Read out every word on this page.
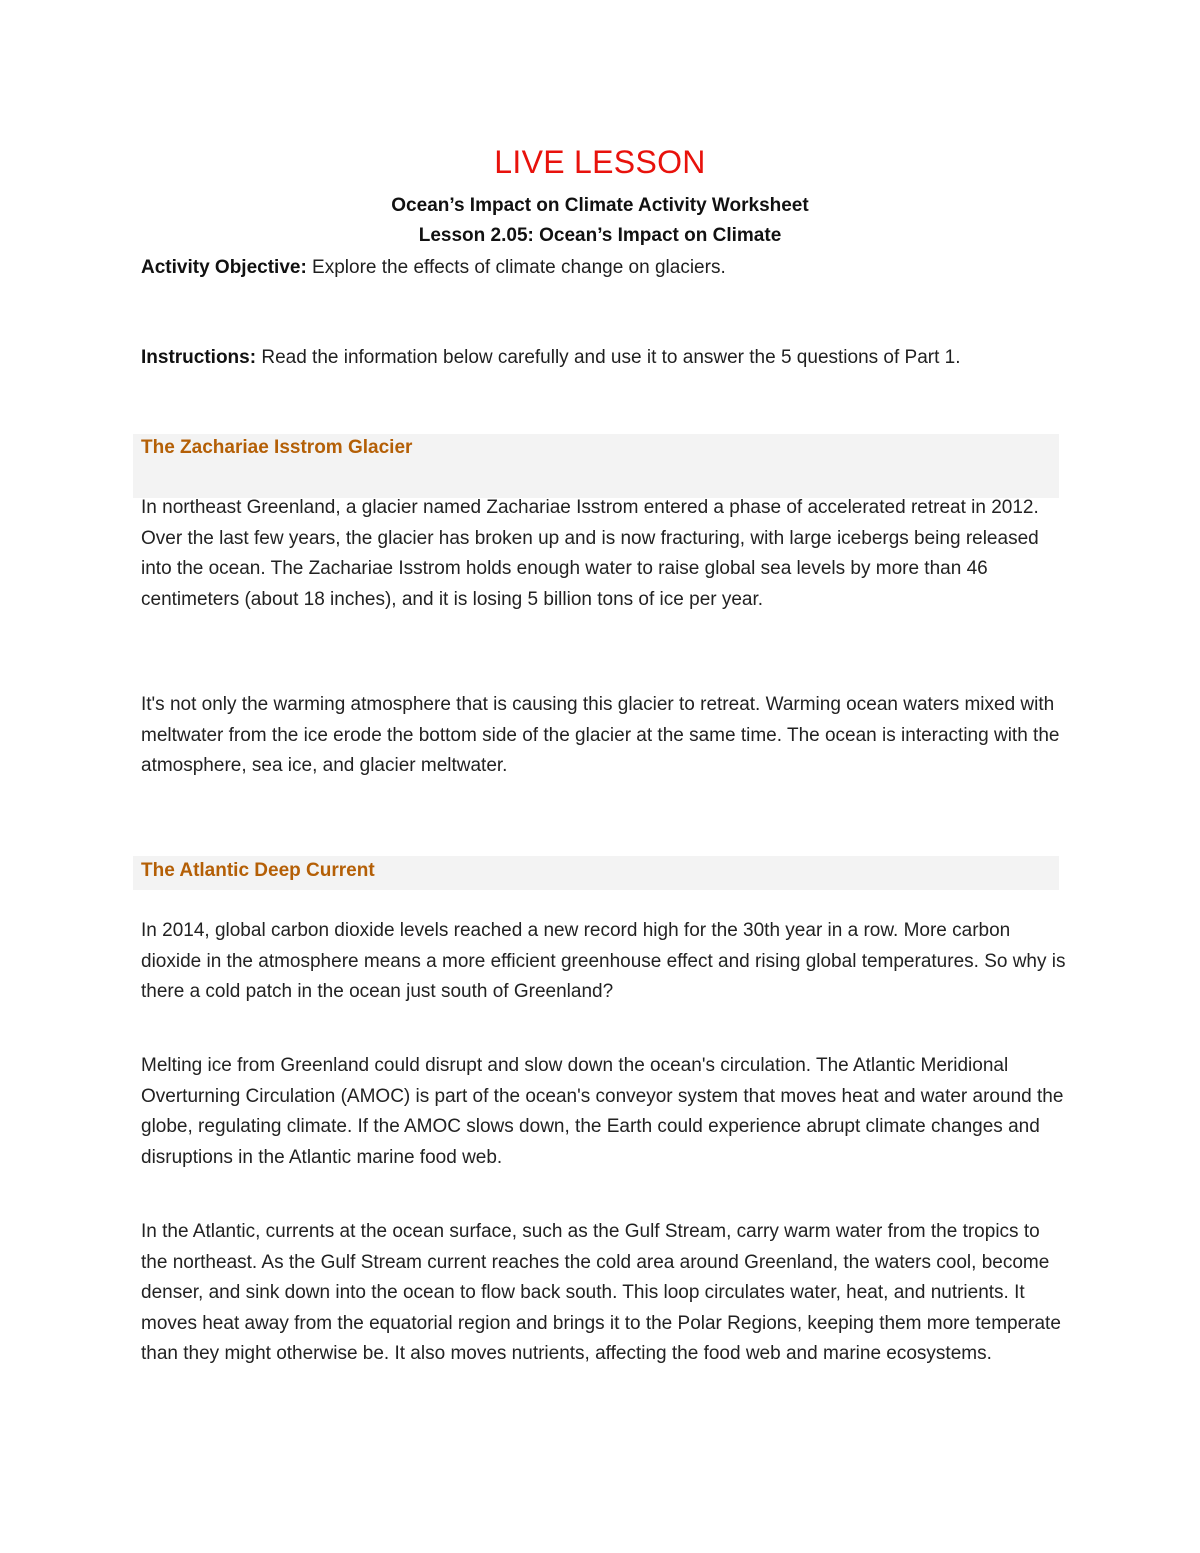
LIVE LESSON
Ocean’s Impact on Climate Activity Worksheet
Lesson 2.05: Ocean’s Impact on Climate
Activity Objective: Explore the effects of climate change on glaciers.
Instructions: Read the information below carefully and use it to answer the 5 questions of Part 1.
The Zachariae Isstrom Glacier

In northeast Greenland, a glacier named Zachariae Isstrom entered a phase of accelerated retreat in 2012. Over the last few years, the glacier has broken up and is now fracturing, with large icebergs being released into the ocean. The Zachariae Isstrom holds enough water to raise global sea levels by more than 46 centimeters (about 18 inches), and it is losing 5 billion tons of ice per year.

It's not only the warming atmosphere that is causing this glacier to retreat. Warming ocean waters mixed with meltwater from the ice erode the bottom side of the glacier at the same time. The ocean is interacting with the atmosphere, sea ice, and glacier meltwater.

The Atlantic Deep Current

In 2014, global carbon dioxide levels reached a new record high for the 30th year in a row. More carbon dioxide in the atmosphere means a more efficient greenhouse effect and rising global temperatures. So why is there a cold patch in the ocean just south of Greenland?

Melting ice from Greenland could disrupt and slow down the ocean's circulation. The Atlantic Meridional Overturning Circulation (AMOC) is part of the ocean's conveyor system that moves heat and water around the globe, regulating climate. If the AMOC slows down, the Earth could experience abrupt climate changes and disruptions in the Atlantic marine food web.

In the Atlantic, currents at the ocean surface, such as the Gulf Stream, carry warm water from the tropics to the northeast. As the Gulf Stream current reaches the cold area around Greenland, the waters cool, become denser, and sink down into the ocean to flow back south. This loop circulates water, heat, and nutrients. It moves heat away from the equatorial region and brings it to the Polar Regions, keeping them more temperate than they might otherwise be. It also moves nutrients, affecting the food web and marine ecosystems.
